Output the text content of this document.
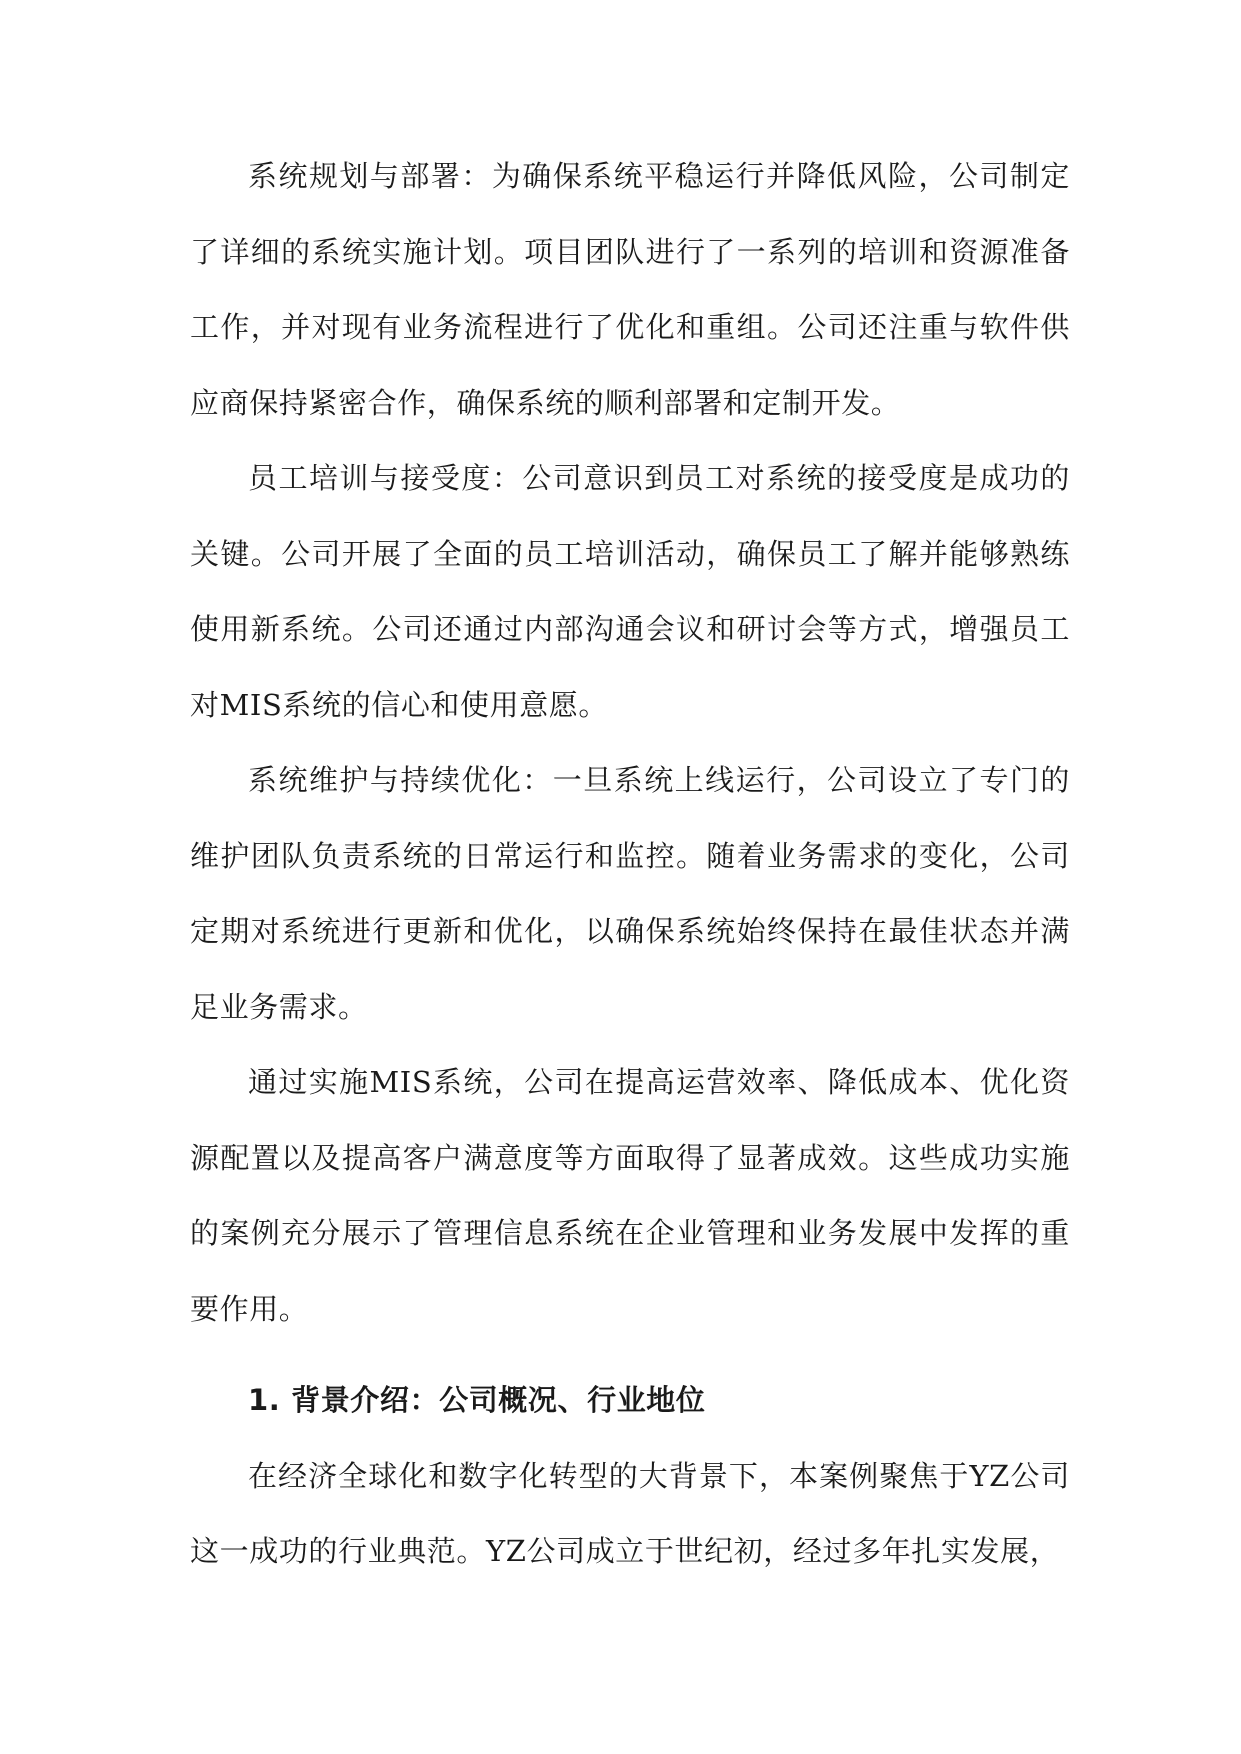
系统规划与部署：为确保系统平稳运行并降低风险，公司制定了详细的系统实施计划。项目团队进行了一系列的培训和资源准备工作，并对现有业务流程进行了优化和重组。公司还注重与软件供应商保持紧密合作，确保系统的顺利部署和定制开发。

员工培训与接受度：公司意识到员工对系统的接受度是成功的关键。公司开展了全面的员工培训活动，确保员工了解并能够熟练使用新系统。公司还通过内部沟通会议和研讨会等方式，增强员工对MIS系统的信心和使用意愿。

系统维护与持续优化：一旦系统上线运行，公司设立了专门的维护团队负责系统的日常运行和监控。随着业务需求的变化，公司定期对系统进行更新和优化，以确保系统始终保持在最佳状态并满足业务需求。

通过实施MIS系统，公司在提高运营效率、降低成本、优化资源配置以及提高客户满意度等方面取得了显著成效。这些成功实施的案例充分展示了管理信息系统在企业管理和业务发展中发挥的重要作用。

1. 背景介绍：公司概况、行业地位

在经济全球化和数字化转型的大背景下，本案例聚焦于YZ公司这一成功的行业典范。YZ公司成立于世纪初，经过多年扎实发展，
